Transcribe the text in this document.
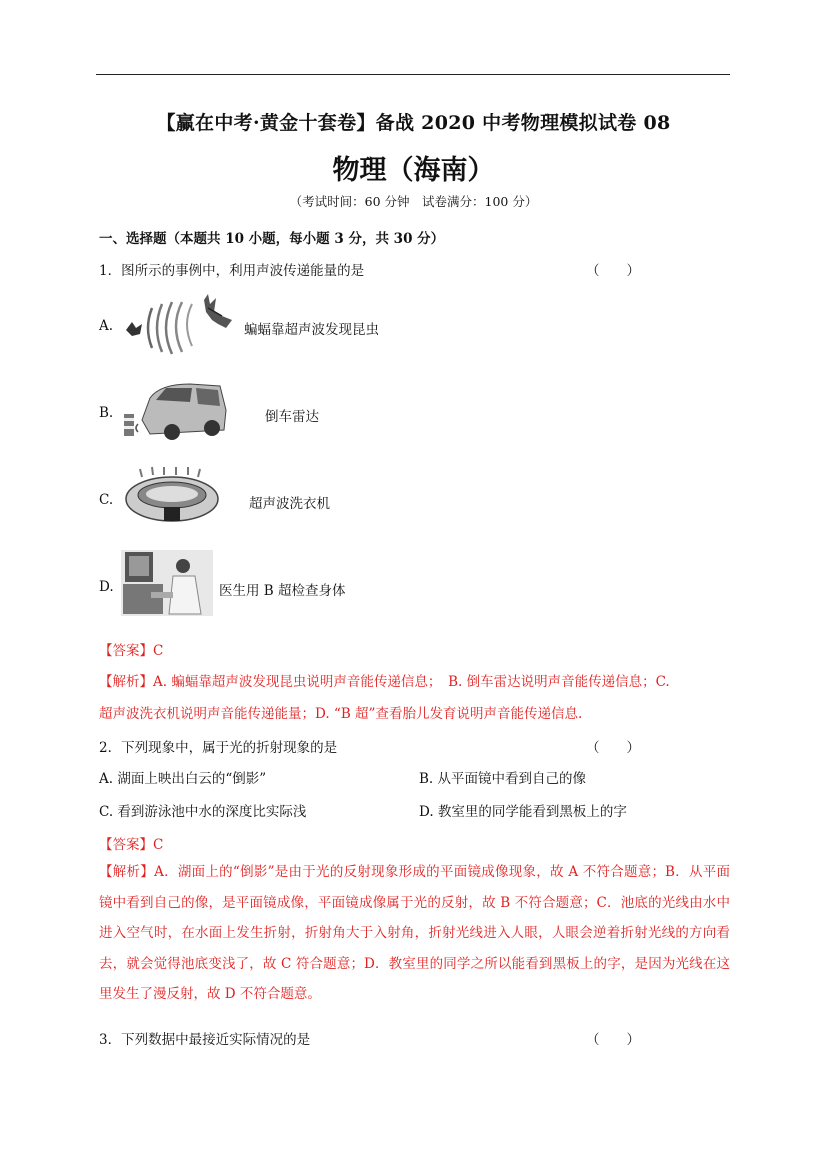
【赢在中考·黄金十套卷】备战 2020 中考物理模拟试卷 08
物理（海南）
（考试时间：60 分钟　试卷满分：100 分）
一、选择题（本题共 10 小题，每小题 3 分，共 30 分）
1．图所示的事例中，利用声波传递能量的是	（　　）
A.	蝙蝠靠超声波发现昆虫
B.	倒车雷达
C.	超声波洗衣机
D.	医生用 B 超检查身体
【答案】C
【解析】A. 蝙蝠靠超声波发现昆虫说明声音能传递信息；　B. 倒车雷达说明声音能传递信息；C.
超声波洗衣机说明声音能传递能量；D. “B 超”查看胎儿发育说明声音能传递信息.
2．下列现象中，属于光的折射现象的是	（　　）
A. 湖面上映出白云的“倒影”	B. 从平面镜中看到自己的像
C. 看到游泳池中水的深度比实际浅	D. 教室里的同学能看到黑板上的字
【答案】C
【解析】A．湖面上的“倒影”是由于光的反射现象形成的平面镜成像现象，故 A 不符合题意；B．从平面镜中看到自己的像，是平面镜成像，平面镜成像属于光的反射，故 B 不符合题意；C．池底的光线由水中进入空气时，在水面上发生折射，折射角大于入射角，折射光线进入人眼，人眼会逆着折射光线的方向看去，就会觉得池底变浅了，故 C 符合题意；D．教室里的同学之所以能看到黑板上的字，是因为光线在这里发生了漫反射，故 D 不符合题意。
3．下列数据中最接近实际情况的是	（　　）
